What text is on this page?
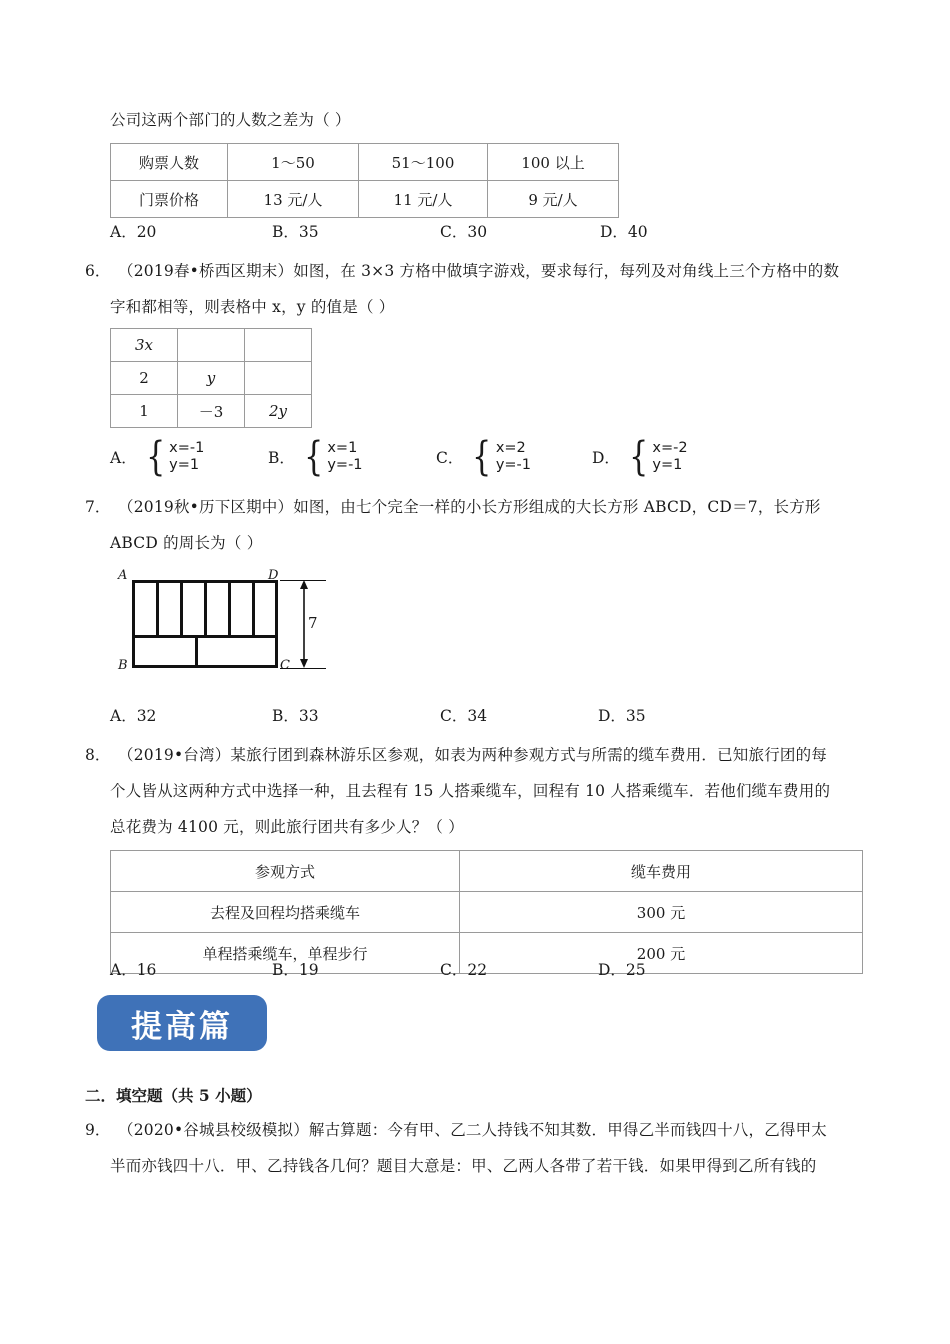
公司这两个部门的人数之差为（ ）
购票人数	1～50	51～100	100 以上
门票价格	13 元/人	11 元/人	9 元/人
A．20	B．35	C．30	D．40
6． （2019春•桥西区期末）如图，在 3×3 方格中做填字游戏，要求每行，每列及对角线上三个方格中的数
字和都相等，则表格中 x，y 的值是（ ）
3x		
2	y	
1	－3	2y
A． { x=-1
y=1	B． { x=1
y=-1	C． { x=2
y=-1	D． { x=-2
y=1
7． （2019秋•历下区期中）如图，由七个完全一样的小长方形组成的大长方形 ABCD，CD＝7，长方形
ABCD 的周长为（ ）
A
B	C
D
7
A．32	B．33	C．34	D．35
8． （2019•台湾）某旅行团到森林游乐区参观，如表为两种参观方式与所需的缆车费用．已知旅行团的每
个人皆从这两种方式中选择一种，且去程有 15 人搭乘缆车，回程有 10 人搭乘缆车．若他们缆车费用的
总花费为 4100 元，则此旅行团共有多少人？（ ）
参观方式	缆车费用
去程及回程均搭乘缆车	300 元
单程搭乘缆车，单程步行	200 元
A．16	B．19	C．22	D．25
提高篇
二．填空题（共 5 小题）
9． （2020•谷城县校级模拟）解古算题：今有甲、乙二人持钱不知其数．甲得乙半而钱四十八，乙得甲太
半而亦钱四十八．甲、乙持钱各几何？题目大意是：甲、乙两人各带了若干钱．如果甲得到乙所有钱的
